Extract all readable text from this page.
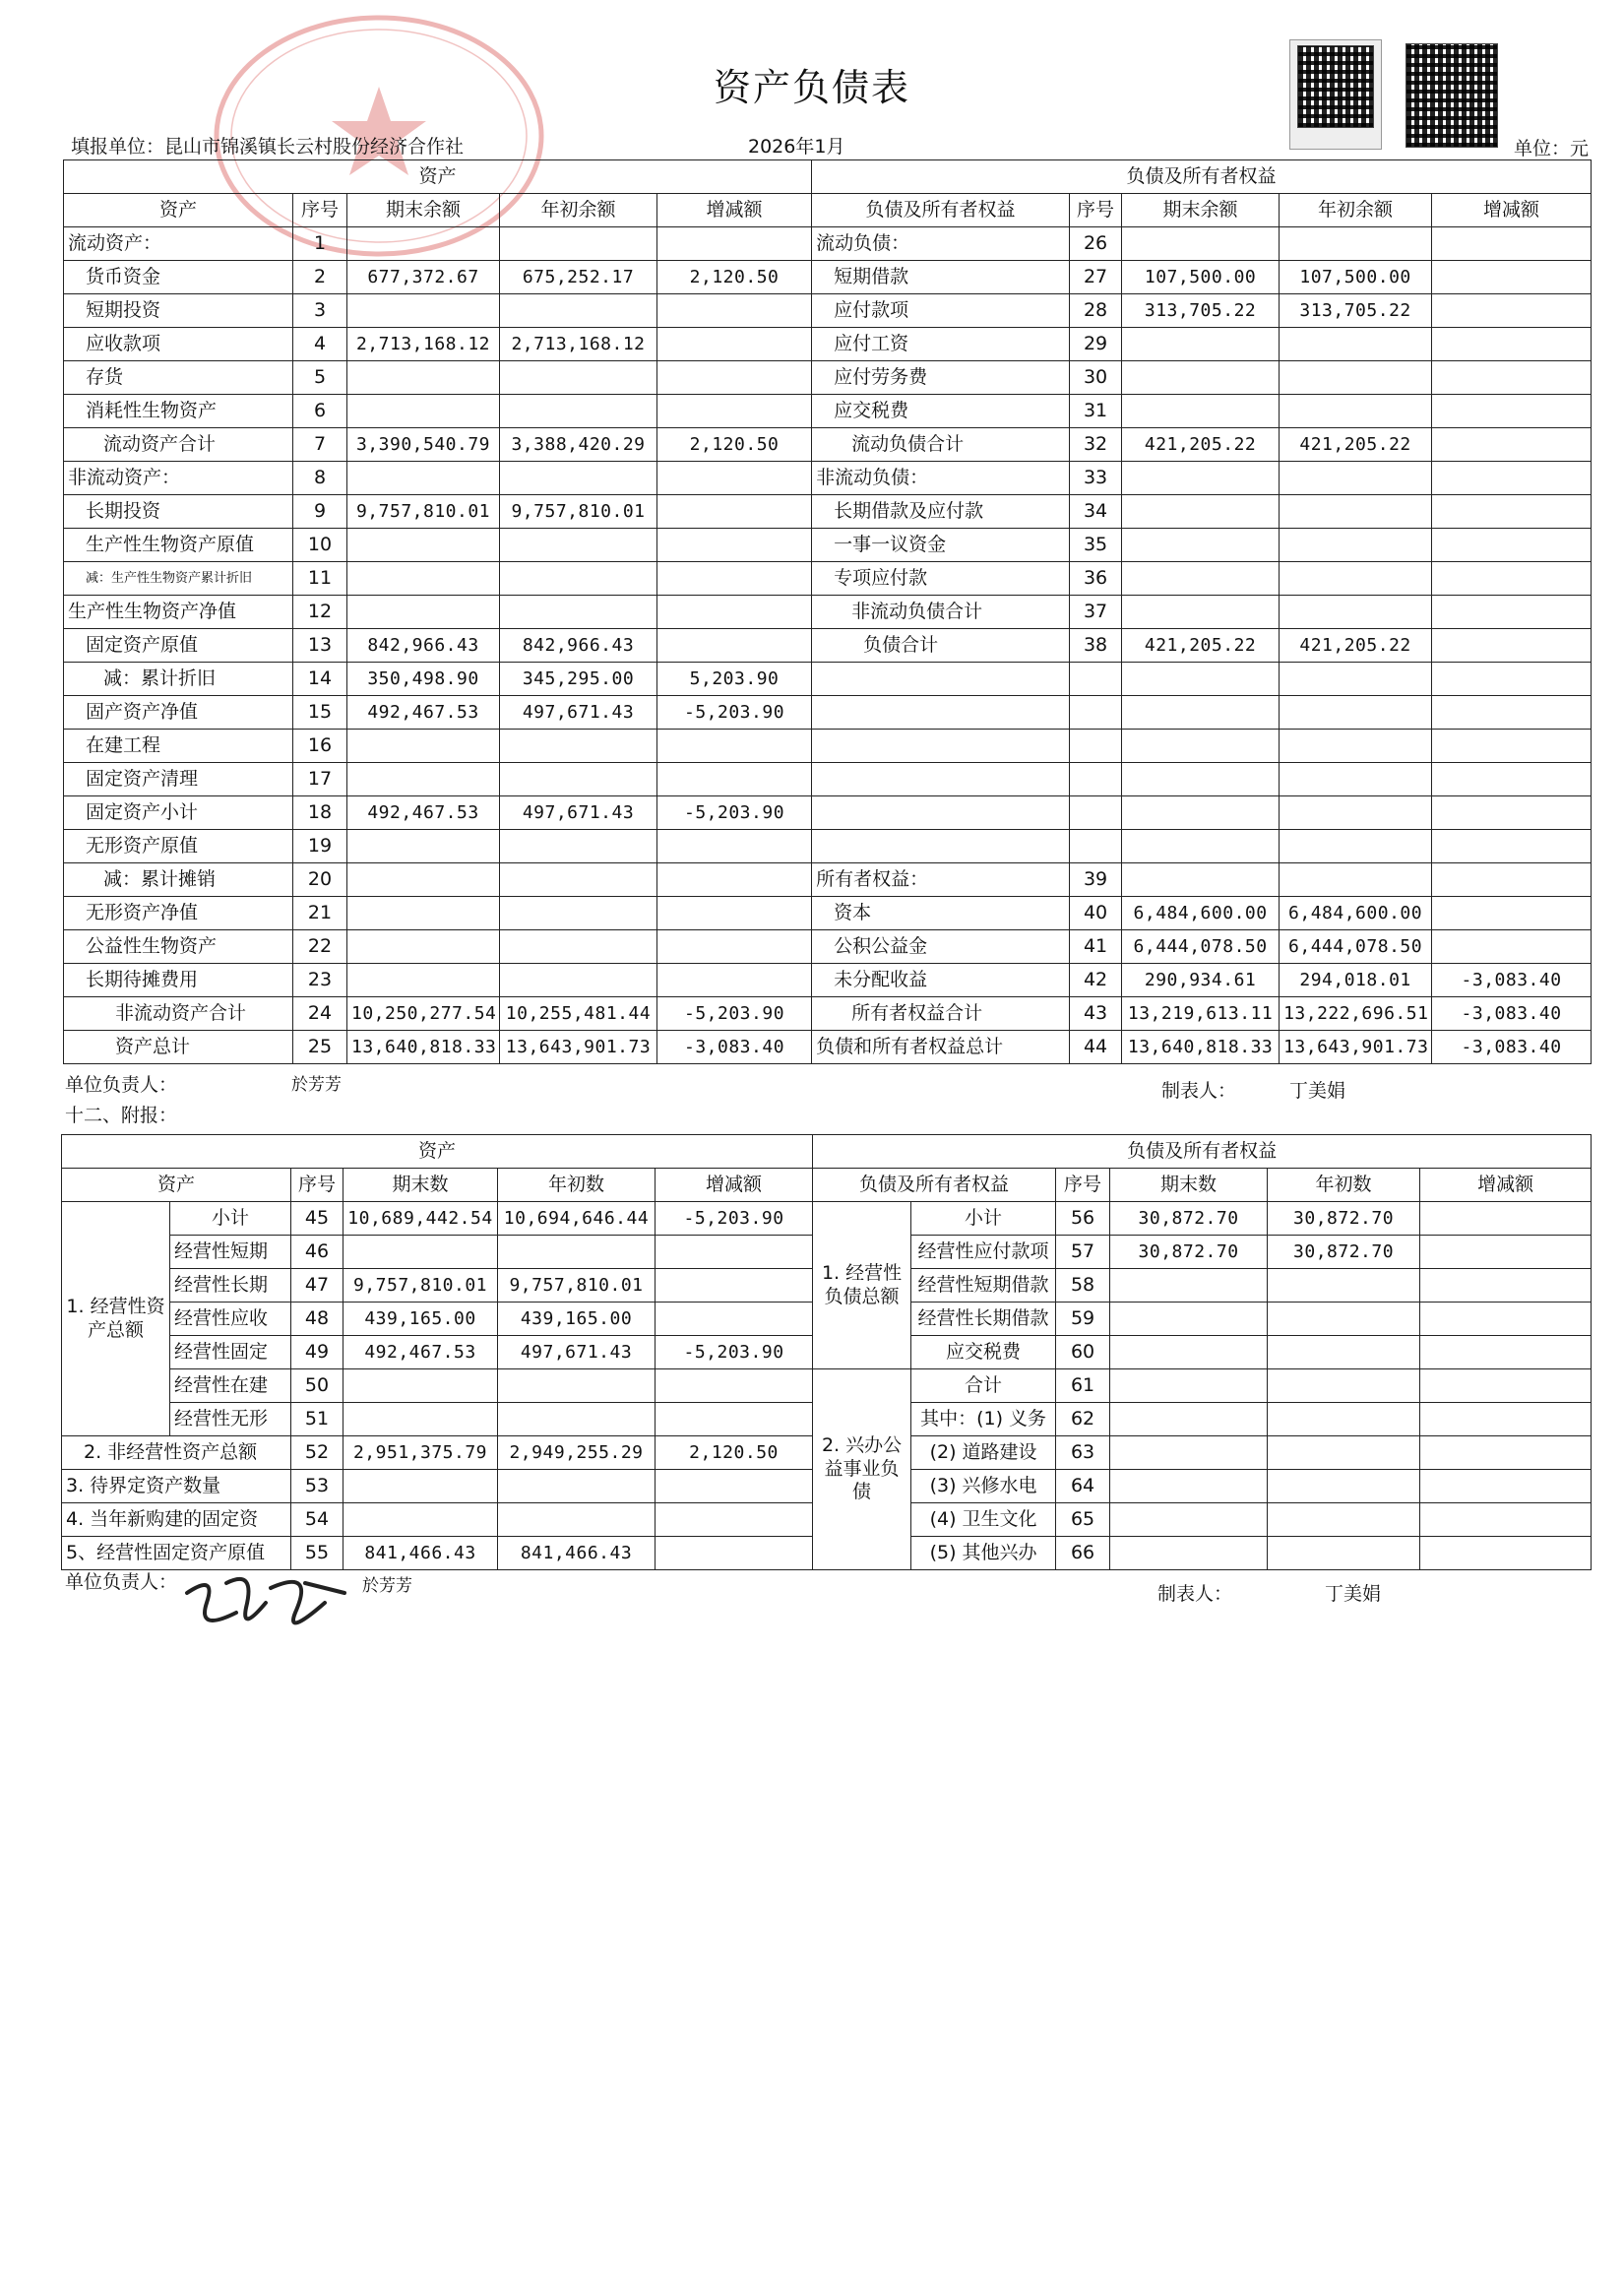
资产负债表
填报单位：昆山市锦溪镇长云村股份经济合作社	2026年1月	单位：元
资产					负债及所有者权益				
资产	序号	期末余额	年初余额	增减额	负债及所有者权益	序号	期末余额	年初余额	增减额
流动资产：	1				流动负债：	26			
货币资金	2	677,372.67	675,252.17	2,120.50	短期借款	27	107,500.00	107,500.00	
短期投资	3				应付款项	28	313,705.22	313,705.22	
应收款项	4	2,713,168.12	2,713,168.12		应付工资	29			
存货	5				应付劳务费	30			
消耗性生物资产	6				应交税费	31			
流动资产合计	7	3,390,540.79	3,388,420.29	2,120.50	流动负债合计	32	421,205.22	421,205.22	
非流动资产：	8				非流动负债：	33			
长期投资	9	9,757,810.01	9,757,810.01		长期借款及应付款	34			
生产性生物资产原值	10				一事一议资金	35			
减：生产性生物资产累计折旧	11				专项应付款	36			
生产性生物资产净值	12				非流动负债合计	37			
固定资产原值	13	842,966.43	842,966.43		负债合计	38	421,205.22	421,205.22	
减：累计折旧	14	350,498.90	345,295.00	5,203.90					
固产资产净值	15	492,467.53	497,671.43	-5,203.90					
在建工程	16								
固定资产清理	17								
固定资产小计	18	492,467.53	497,671.43	-5,203.90					
无形资产原值	19								
减：累计摊销	20				所有者权益：	39			
无形资产净值	21				资本	40	6,484,600.00	6,484,600.00	
公益性生物资产	22				公积公益金	41	6,444,078.50	6,444,078.50	
长期待摊费用	23				未分配收益	42	290,934.61	294,018.01	-3,083.40
非流动资产合计	24	10,250,277.54	10,255,481.44	-5,203.90	所有者权益合计	43	13,219,613.11	13,222,696.51	-3,083.40
资产总计	25	13,640,818.33	13,643,901.73	-3,083.40	负债和所有者权益总计	44	13,640,818.33	13,643,901.73	-3,083.40
单位负责人：	於芳芳	制表人：	丁美娟
十二、附报：
资产						负债及所有者权益					
资产		序号	期末数	年初数	增减额	负债及所有者权益		序号	期末数	年初数	增减额
1. 经营性资产总额	小计	45	10,689,442.54	10,694,646.44	-5,203.90	1. 经营性负债总额	小计	56	30,872.70	30,872.70	
	经营性短期	46					经营性应付款项	57	30,872.70	30,872.70	
	经营性长期	47	9,757,810.01	9,757,810.01			经营性短期借款	58			
	经营性应收	48	439,165.00	439,165.00			经营性长期借款	59			
	经营性固定	49	492,467.53	497,671.43	-5,203.90		应交税费	60			
	经营性在建	50				2. 兴办公益事业负债	合计	61			
	经营性无形	51					其中：(1) 义务	62			
2. 非经营性资产总额		52	2,951,375.79	2,949,255.29	2,120.50		(2) 道路建设	63			
3. 待界定资产数量		53					(3) 兴修水电	64			
4. 当年新购建的固定资		54					(4) 卫生文化	65			
5、经营性固定资产原值		55	841,466.43	841,466.43			(5) 其他兴办	66			
单位负责人：	於芳芳	制表人：	丁美娟
